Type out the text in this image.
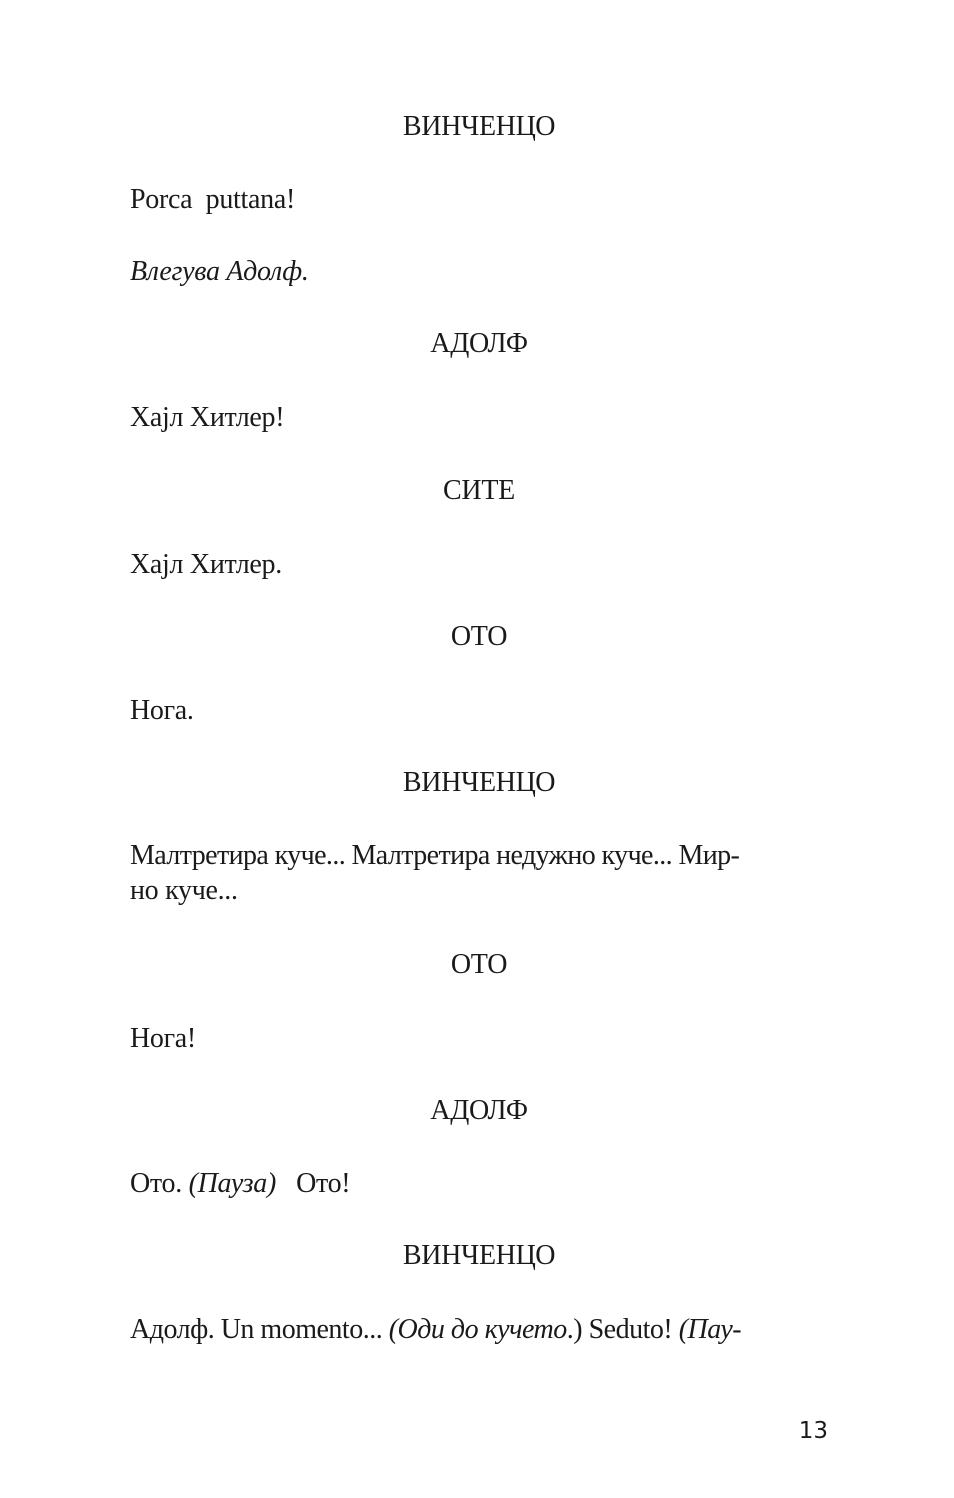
ВИНЧЕНЦО
Porca  puttana!
Влегува Адолф.
АДОЛФ
Хајл Хитлер!
СИТЕ
Хајл Хитлер.
ОТО
Нога.
ВИНЧЕНЦО
Малтретира куче... Малтретира недужно куче... Мир-
но куче...
ОТО
Нога!
АДОЛФ
Ото. (Пауза)   Ото!
ВИНЧЕНЦО
Адолф. Un momento... (Оди до кучето.) Seduto! (Пау-
13
